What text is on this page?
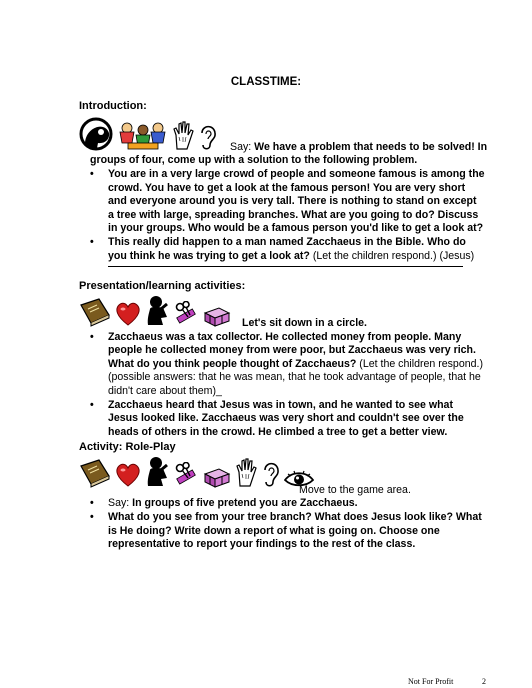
CLASSTIME:
Introduction:
Say: We have a problem that needs to be solved! In
groups of four, come up with a solution to the following problem.
• You are in a very large crowd of people and someone famous is among the crowd. You have to get a look at the famous person! You are very short and everyone around you is very tall. There is nothing to stand on except a tree with large, spreading branches. What are you going to do? Discuss in your groups. Who would be a famous person you'd like to get a look at?
• This really did happen to a man named Zacchaeus in the Bible. Who do you think he was trying to get a look at? (Let the children respond.) (Jesus)
Presentation/learning activities:
Let's sit down in a circle.
• Zacchaeus was a tax collector. He collected money from people. Many people he collected money from were poor, but Zacchaeus was very rich. What do you think people thought of Zacchaeus? (Let the children respond.) (possible answers: that he was mean, that he took advantage of people, that he didn't care about them)_
• Zacchaeus heard that Jesus was in town, and he wanted to see what Jesus looked like. Zacchaeus was very short and couldn't see over the heads of others in the crowd. He climbed a tree to get a better view.
Activity: Role-Play
Move to the game area.
• Say: In groups of five pretend you are Zacchaeus.
• What do you see from your tree branch? What does Jesus look like? What is He doing? Write down a report of what is going on. Choose one representative to report your findings to the rest of the class.
Not For Profit	2
